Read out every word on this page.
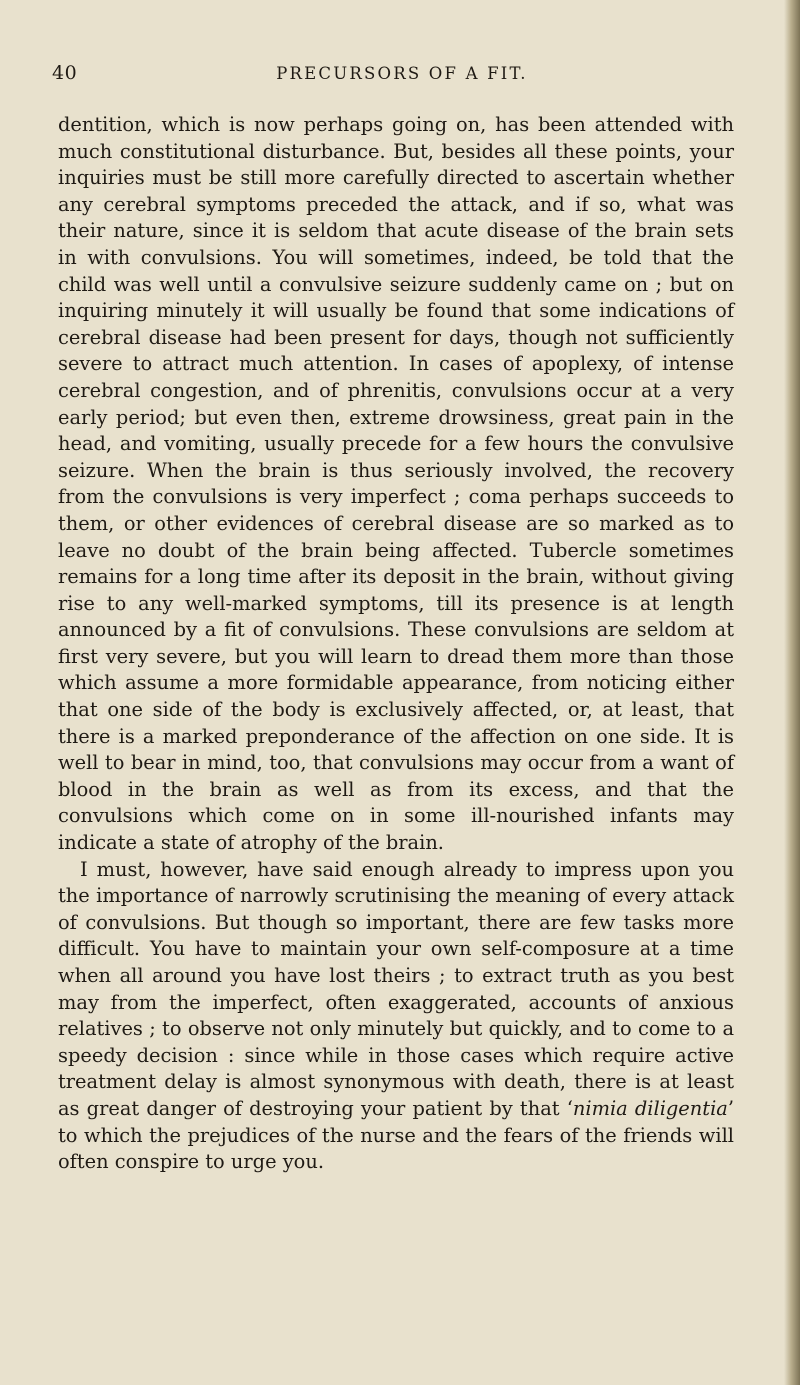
40	PRECURSORS OF A FIT.

dentition, which is now perhaps going on, has been attended with much constitutional disturbance. But, besides all these points, your inquiries must be still more carefully directed to ascertain whether any cerebral symptoms preceded the attack, and if so, what was their nature, since it is seldom that acute disease of the brain sets in with convulsions. You will sometimes, indeed, be told that the child was well until a convulsive seizure suddenly came on ; but on inquiring minutely it will usually be found that some indications of cerebral disease had been present for days, though not sufficiently severe to attract much attention. In cases of apoplexy, of intense cerebral congestion, and of phrenitis, convulsions occur at a very early period; but even then, extreme drowsiness, great pain in the head, and vomiting, usually precede for a few hours the convulsive seizure. When the brain is thus seriously involved, the recovery from the convulsions is very imperfect ; coma perhaps succeeds to them, or other evidences of cerebral disease are so marked as to leave no doubt of the brain being affected. Tubercle sometimes remains for a long time after its deposit in the brain, without giving rise to any well-marked symptoms, till its presence is at length announced by a fit of convulsions. These convulsions are seldom at first very severe, but you will learn to dread them more than those which assume a more formidable appearance, from noticing either that one side of the body is exclusively affected, or, at least, that there is a marked preponderance of the affection on one side. It is well to bear in mind, too, that convulsions may occur from a want of blood in the brain as well as from its excess, and that the convulsions which come on in some ill-nourished infants may indicate a state of atrophy of the brain.

I must, however, have said enough already to impress upon you the importance of narrowly scrutinising the meaning of every attack of convulsions. But though so important, there are few tasks more difficult. You have to maintain your own self-composure at a time when all around you have lost theirs ; to extract truth as you best may from the imperfect, often exaggerated, accounts of anxious relatives ; to observe not only minutely but quickly, and to come to a speedy decision : since while in those cases which require active treatment delay is almost synonymous with death, there is at least as great danger of destroying your patient by that ‘nimia diligentia’ to which the prejudices of the nurse and the fears of the friends will often conspire to urge you.
